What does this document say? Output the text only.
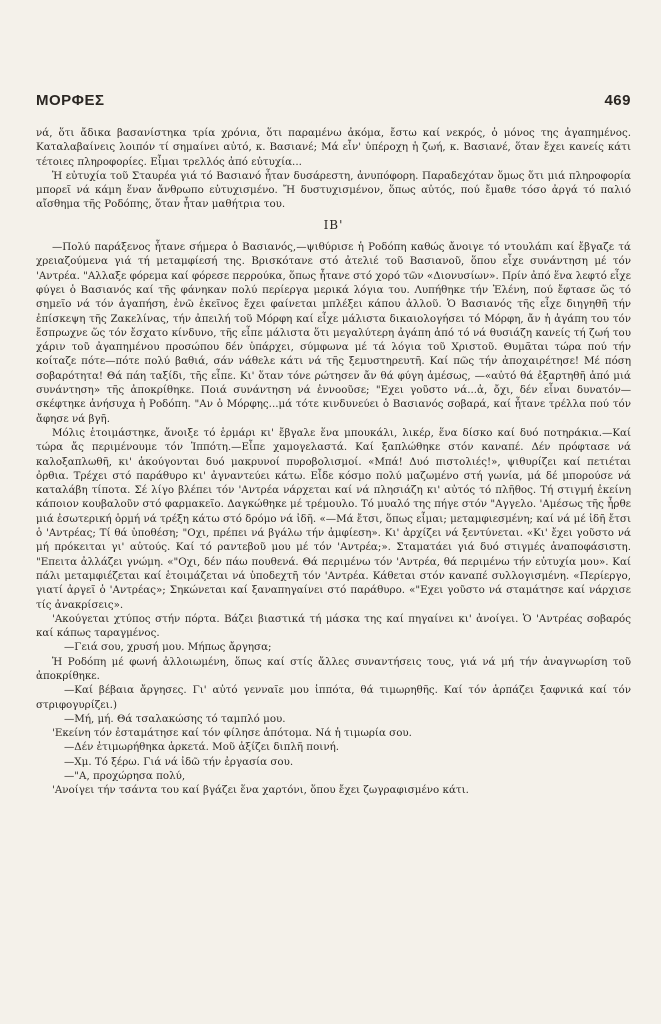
ΜΟΡΦΕΣ	469

νά, ὅτι ἄδικα βασανίστηκα τρία χρόνια, ὅτι παραμένω ἀκόμα, ἔστω καί νεκρός, ὁ μόνος της ἀγαπημένος. Καταλαβαίνεις λοιπόν τί σημαίνει αὐτό, κ. Βασιανέ; Μά εἶν' ὑπέροχη ἡ ζωή, κ. Βασιανέ, ὅταν ἔχει κανείς κάτι τέτοιες πληροφορίες. Εἶμαι τρελλός ἀπό εὐτυχία...

Ἡ εὐτυχία τοῦ Σταυρέα γιά τό Βασιανό ἦταν δυσάρεστη, ἀνυπόφορη. Παραδεχόταν ὅμως ὅτι μιά πληροφορία μπορεῖ νά κάμη ἕναν ἄνθρωπο εὐτυχισμένο. Ἤ δυστυχισμένον, ὅπως αὐτός, πού ἔμαθε τόσο ἀργά τό παλιό αἴσθημα τῆς Ροδόπης, ὅταν ἦταν μαθήτρια του.

ΙΒ'

—Πολύ παράξενος ἦτανε σήμερα ὁ Βασιανός,—ψιθύρισε ἡ Ροδόπη καθώς ἄνοιγε τό ντουλάπι καί ἔβγαζε τά χρειαζούμενα γιά τή μεταμφίεσή της. Βρισκότανε στό ἀτελιέ τοῦ Βασιανοῦ, ὅπου εἶχε συνάντηση μέ τόν 'Αντρέα. "Αλλαξε φόρεμα καί φόρεσε περρούκα, ὅπως ἦτανε στό χορό τῶν «Διονυσίων». Πρίν ἀπό ἕνα λεφτό εἶχε φύγει ὁ Βασιανός καί τῆς φάνηκαν πολύ περίεργα μερικά λόγια του. Λυπήθηκε τήν Ἑλένη, πού ἔφτασε ὥς τό σημεῖο νά τόν ἀγαπήση, ἐνῶ ἐκεῖνος ἔχει φαίνεται μπλέξει κάπου ἀλλοῦ. Ὁ Βασιανός τῆς εἶχε διηγηθῆ τήν ἐπίσκεψη τῆς Ζακελίνας, τήν ἀπειλή τοῦ Μόρφη καί εἶχε μάλιστα δικαιολογήσει τό Μόρφη, ἄν ἡ ἀγάπη του τόν ἔσπρωχνε ὥς τόν ἔσχατο κίνδυνο, τῆς εἶπε μάλιστα ὅτι μεγαλύτερη ἀγάπη ἀπό τό νά θυσιάζη κανείς τή ζωή του χάριν τοῦ ἀγαπημένου προσώπου δέν ὑπάρχει, σύμφωνα μέ τά λόγια τοῦ Χριστοῦ. Θυμᾶται τώρα πού τήν κοίταζε πότε—πότε πολύ βαθιά, σάν νάθελε κάτι νά τῆς ξεμυστηρευτῆ. Καί πῶς τήν ἀποχαιρέτησε! Μέ πόση σοβαρότητα! Θά πάη ταξίδι, τῆς εἶπε. Κι' ὅταν τόνε ρώτησεν ἄν θά φύγη ἀμέσως, —«αὐτό θά ἐξαρτηθῆ ἀπό μιά συνάντηση» τῆς ἀποκρίθηκε. Ποιά συνάντηση νά ἐννοοῦσε; "Εχει γοῦστο νά...ἀ, ὄχι, δέν εἶναι δυνατόν—σκέφτηκε ἀνήσυχα ἡ Ροδόπη. "Αν ὁ Μόρφης...μά τότε κινδυνεύει ὁ Βασιανός σοβαρά, καί ἦτανε τρέλλα πού τόν ἄφησε νά βγῆ.

Μόλις ἑτοιμάστηκε, ἄνοιξε τό ἑρμάρι κι' ἔβγαλε ἕνα μπουκάλι, λικέρ, ἕνα δίσκο καί δυό ποτηράκια.—Καί τώρα ἄς περιμένουμε τόν Ἱππότη.—Εἶπε χαμογελαστά. Καί ξαπλώθηκε στόν καναπέ. Δέν πρόφτασε νά καλοξαπλωθῆ, κι' ἀκούγονται δυό μακρυνοί πυροβολισμοί. «Μπά! Δυό πιστολιές!», ψιθυρίζει καί πετιέται ὀρθια. Τρέχει στό παράθυρο κι' ἀγναντεύει κάτω. Εἶδε κόσμο πολύ μαζωμένο στή γωνία, μά δέ μπορούσε νά καταλάβη τίποτα. Σέ λίγο βλέπει τόν 'Αντρέα νάρχεται καί νά πλησιάζη κι' αὐτός τό πλῆθος. Τή στιγμή ἐκείνη κάποιον κουβαλοῦν στό φαρμακεῖο. Δαγκώθηκε μέ τρέμουλο. Τό μυαλό της πήγε στόν "Αγγελο. 'Αμέσως τῆς ἦρθε μιά ἐσωτερική ὁρμή νά τρέξη κάτω στό δρόμο νά ἰδῆ. «—Μά ἔτσι, ὅπως εἶμαι; μεταμφιεσμένη; καί νά μέ ἰδῆ ἔτσι ὁ 'Αντρέας; Τί θά ὑποθέση; "Οχι, πρέπει νά βγάλω τήν ἀμφίεση». Κι' ἀρχίζει νά ξεντύνεται. «Κι' ἔχει γοῦστο νά μή πρόκειται γι' αὐτούς. Καί τό ραντεβοῦ μου μέ τόν 'Αντρέα;». Σταματάει γιά δυό στιγμές ἀναποφάσιστη. "Επειτα ἀλλάζει γνώμη. «"Οχι, δέν πάω πουθενά. Θά περιμένω τόν 'Αντρέα, θά περιμένω τήν εὐτυχία μου». Καί πάλι μεταμφιέζεται καί ἑτοιμάζεται νά ὑποδεχτῆ τόν 'Αντρέα. Κάθεται στόν καναπέ συλλογισμένη. «Περίεργο, γιατί ἀργεῖ ὁ 'Αντρέας»; Σηκώνεται καί ξαναπηγαίνει στό παράθυρο. «"Εχει γοῦστο νά σταμάτησε καί νάρχισε τίς ἀνακρίσεις».

'Ακούγεται χτύπος στήν πόρτα. Βάζει βιαστικά τή μάσκα της καί πηγαίνει κι' ἀνοίγει. Ὁ 'Αντρέας σοβαρός καί κάπως ταραγμένος.

—Γειά σου, χρυσή μου. Μήπως ἄργησα;

Ἡ Ροδόπη μέ φωνή ἀλλοιωμένη, ὅπως καί στίς ἄλλες συναντήσεις τους, γιά νά μή τήν ἀναγνωρίση τοῦ ἀποκρίθηκε.

—Καί βέβαια ἄργησες. Γι' αὐτό γενναῖε μου ἱππότα, θά τιμωρηθῆς. Καί τόν ἁρπάζει ξαφνικά καί τόν στριφογυρίζει.)

—Μή, μή. Θά τσαλακώσης τό ταμπλό μου.

'Εκείνη τόν ἐσταμάτησε καί τόν φίλησε ἀπότομα. Νά ἡ τιμωρία σου.

—Δέν ἐτιμωρήθηκα ἀρκετά. Μοῦ ἀξίζει διπλῆ ποινή.

—Χμ. Τό ξέρω. Γιά νά ἰδῶ τήν ἐργασία σου.

—"Α, προχώρησα πολύ,

'Ανοίγει τήν τσάντα του καί βγάζει ἕνα χαρτόνι, ὅπου ἔχει ζωγραφισμένο κάτι.
